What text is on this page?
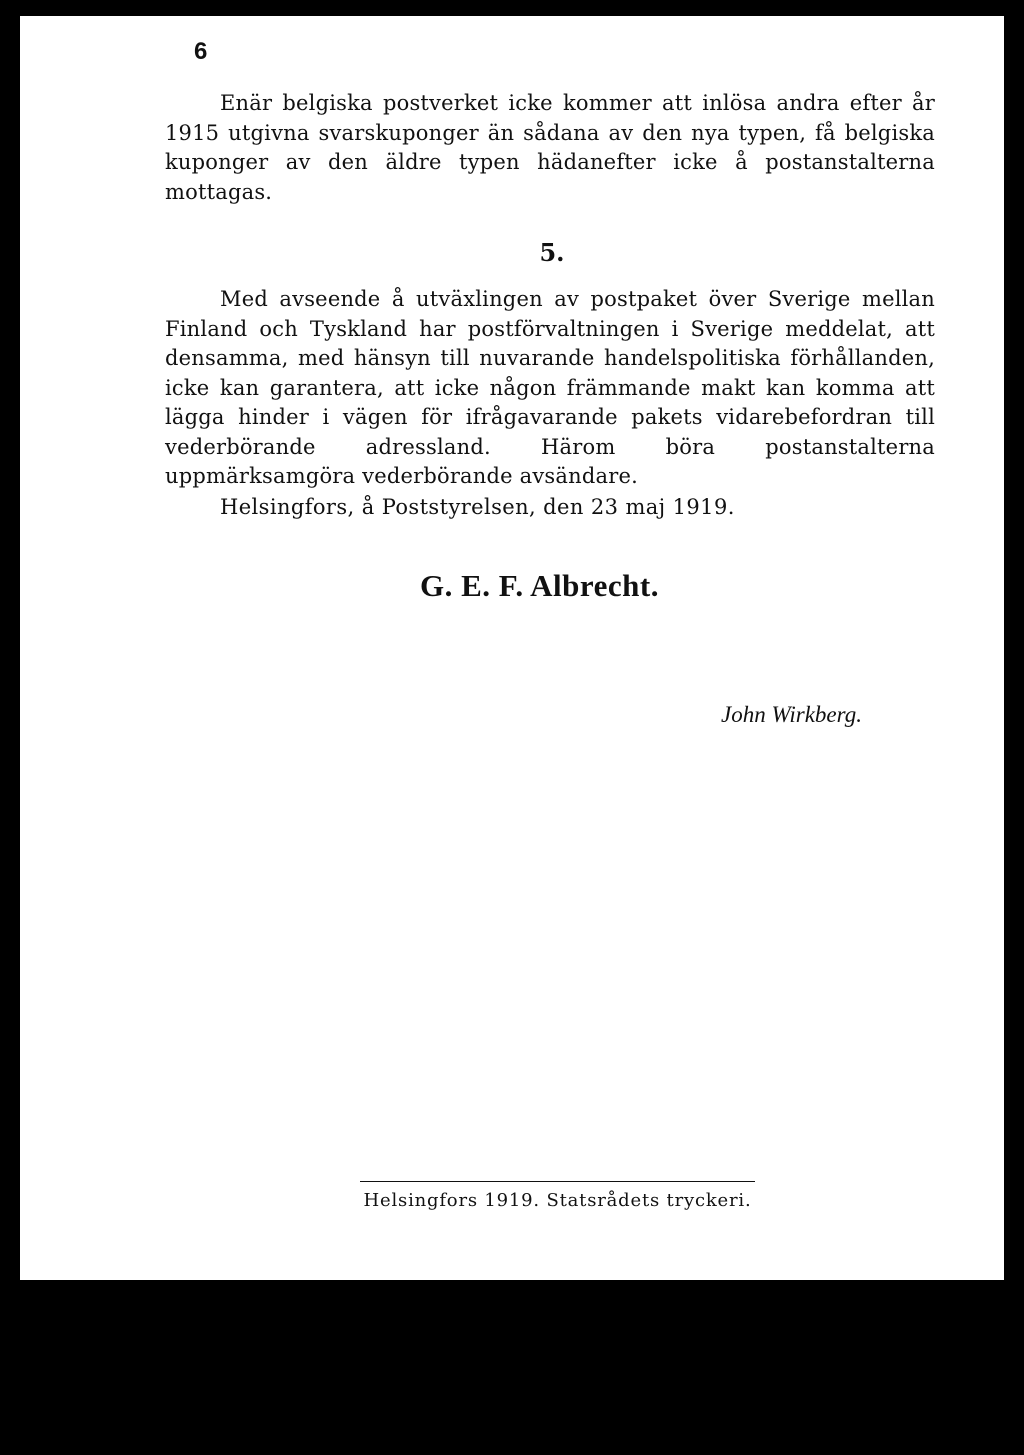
6

Enär belgiska postverket icke kommer att inlösa andra efter år 1915 utgivna svarskuponger än sådana av den nya typen, få belgiska kuponger av den äldre typen hädanefter icke å postanstalterna mottagas.

5.

Med avseende å utväxlingen av postpaket över Sverige mellan Finland och Tyskland har postförvaltningen i Sverige meddelat, att densamma, med hänsyn till nuvarande handelspolitiska förhållanden, icke kan garantera, att icke någon främmande makt kan komma att lägga hinder i vägen för ifrågavarande pakets vidarebefordran till vederbörande adressland. Härom böra postanstalterna uppmärksamgöra vederbörande avsändare.

Helsingfors, å Poststyrelsen, den 23 maj 1919.
G. E. F. Albrecht.
John Wirkberg.
Helsingfors 1919. Statsrådets tryckeri.
